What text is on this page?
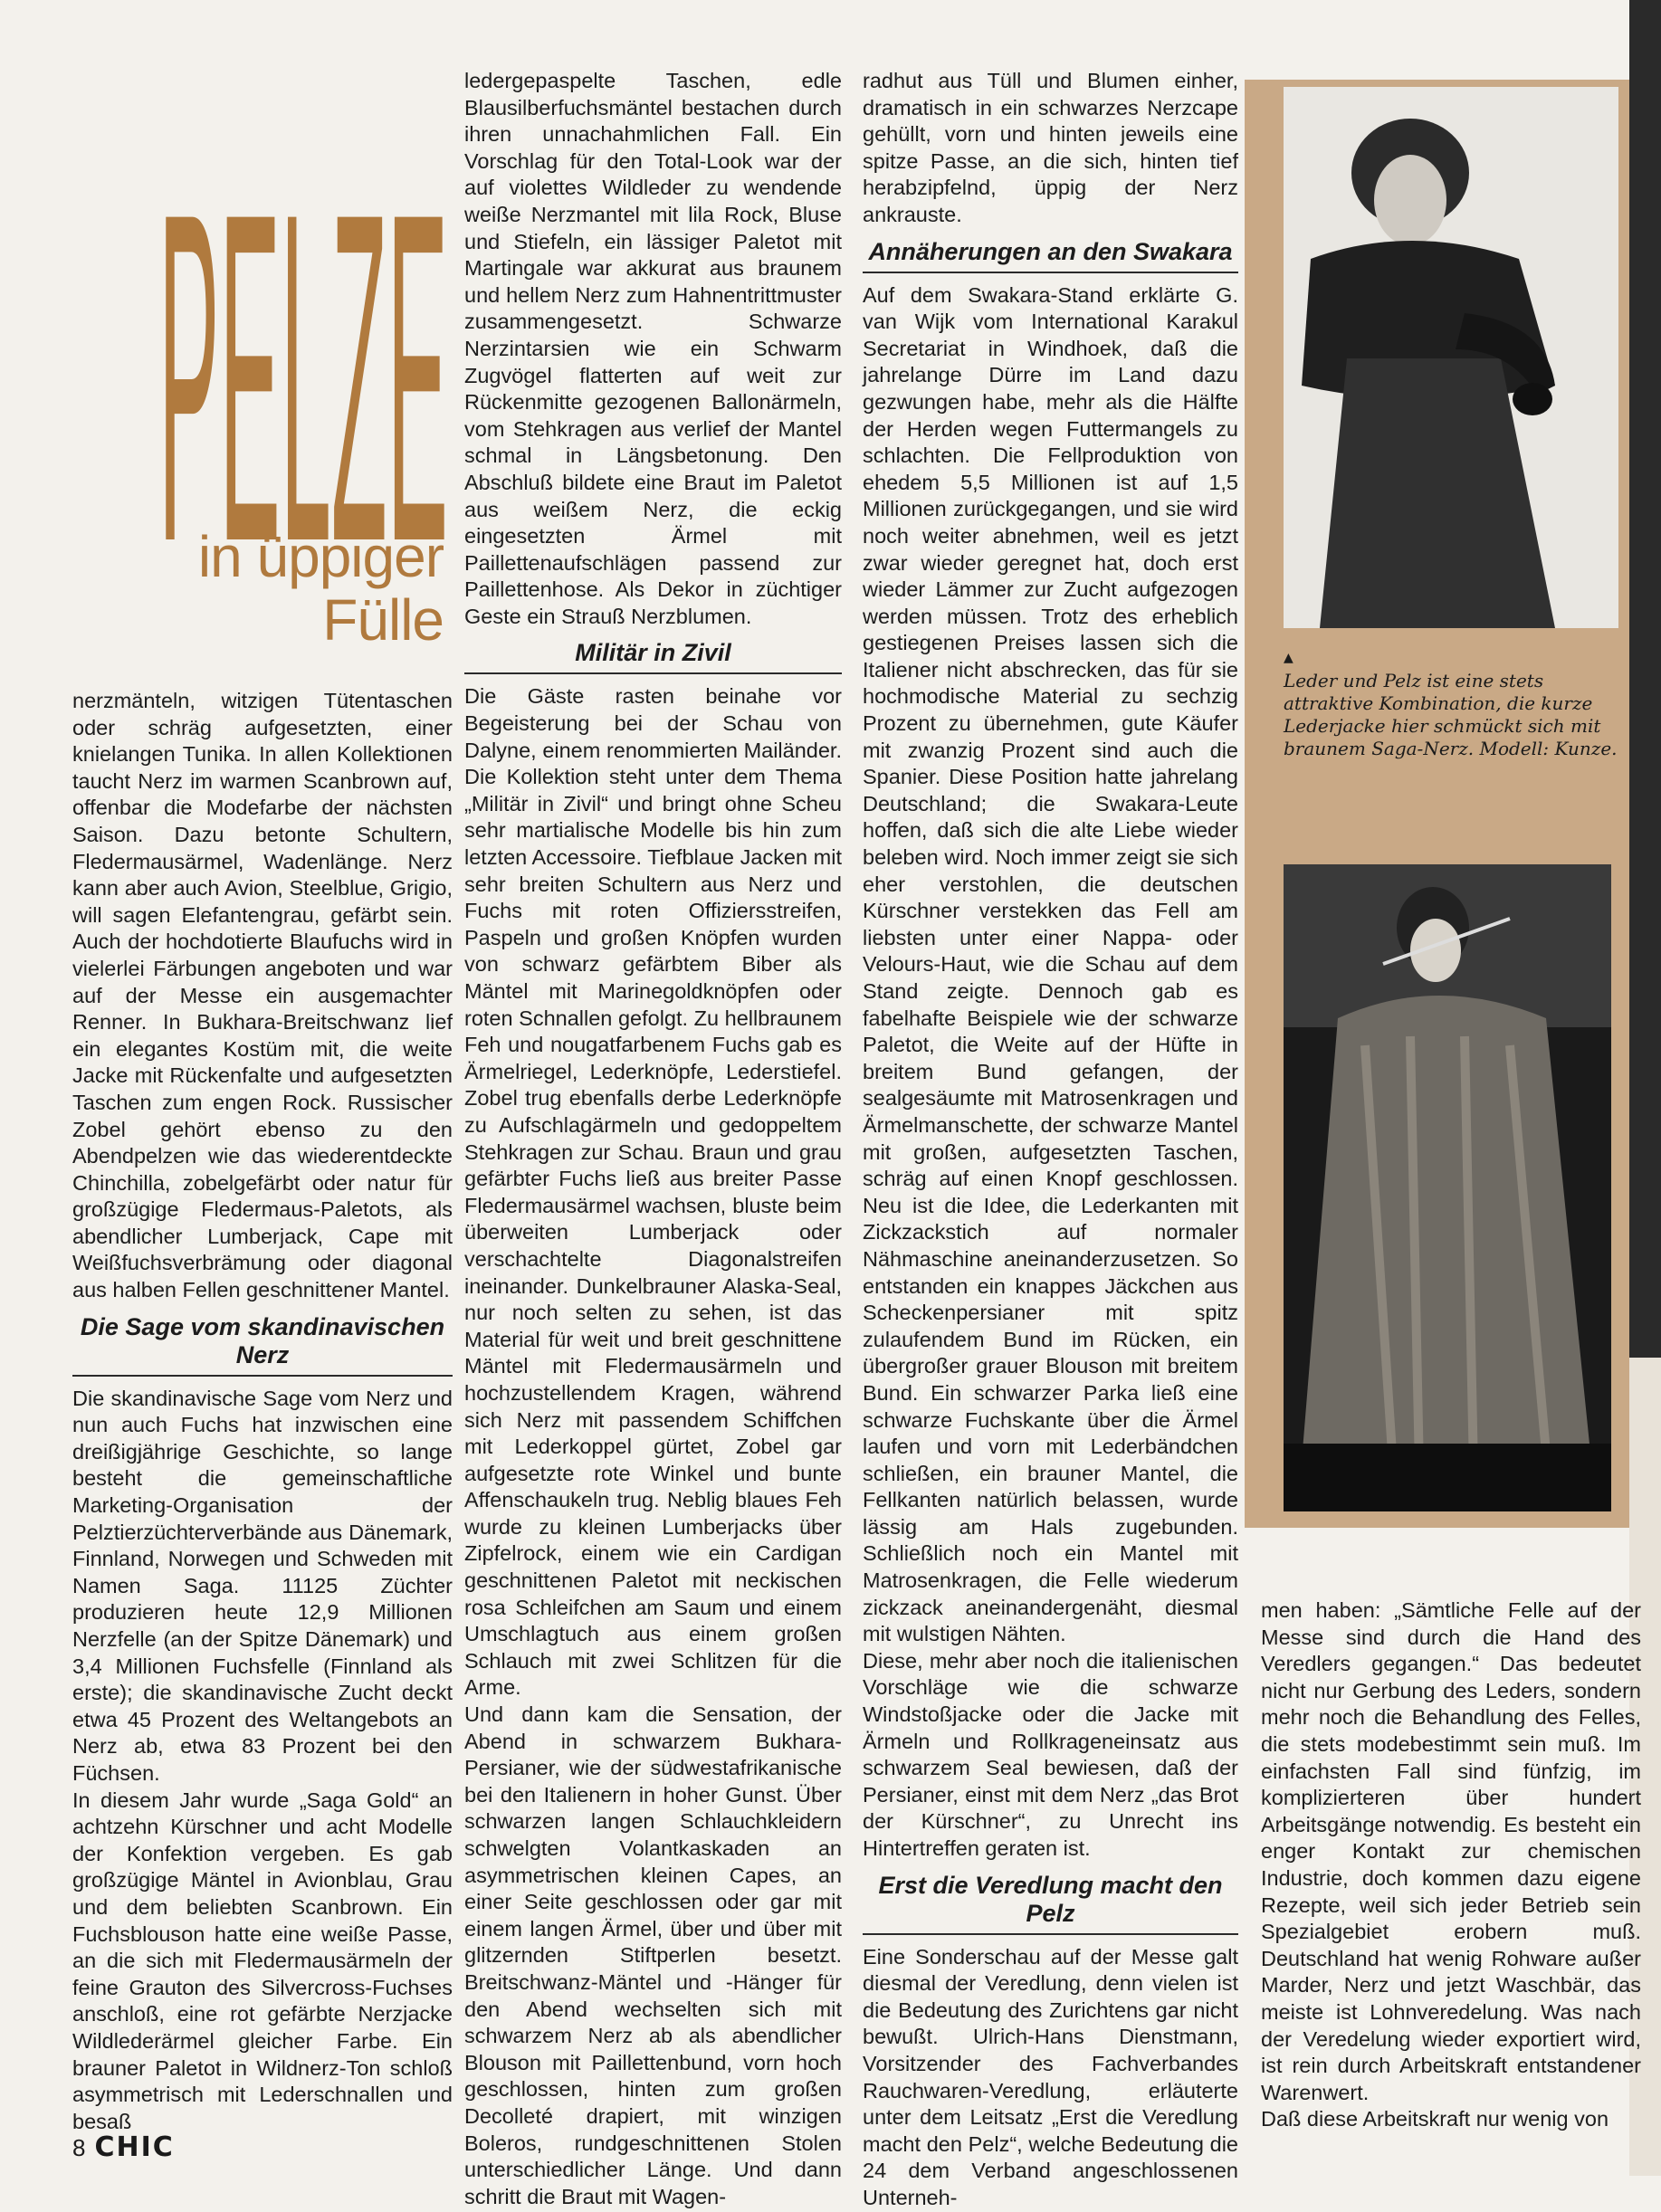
PELZE
in üppiger
Fülle

nerzmänteln, witzigen Tütentaschen oder schräg aufgesetzten, einer knielangen Tunika. In allen Kollektionen taucht Nerz im warmen Scanbrown auf, offenbar die Modefarbe der nächsten Saison. Dazu betonte Schultern, Fledermausärmel, Wadenlänge. Nerz kann aber auch Avion, Steelblue, Grigio, will sagen Elefantengrau, gefärbt sein. Auch der hochdotierte Blaufuchs wird in vielerlei Färbungen angeboten und war auf der Messe ein ausgemachter Renner. In Bukhara-Breitschwanz lief ein elegantes Kostüm mit, die weite Jacke mit Rückenfalte und aufgesetzten Taschen zum engen Rock. Russischer Zobel gehört ebenso zu den Abendpelzen wie das wiederentdeckte Chinchilla, zobelgefärbt oder natur für großzügige Fledermaus-Paletots, als abendlicher Lumberjack, Cape mit Weißfuchsverbrämung oder diagonal aus halben Fellen geschnittener Mantel.

Die Sage vom skandinavischen Nerz

Die skandinavische Sage vom Nerz und nun auch Fuchs hat inzwischen eine dreißigjährige Geschichte, so lange besteht die gemeinschaftliche Marketing-Organisation der Pelztierzüchterverbände aus Dänemark, Finnland, Norwegen und Schweden mit Namen Saga. 11125 Züchter produzieren heute 12,9 Millionen Nerzfelle (an der Spitze Dänemark) und 3,4 Millionen Fuchsfelle (Finnland als erste); die skandinavische Zucht deckt etwa 45 Prozent des Weltangebots an Nerz ab, etwa 83 Prozent bei den Füchsen.

In diesem Jahr wurde „Saga Gold“ an achtzehn Kürschner und acht Modelle der Konfektion vergeben. Es gab großzügige Mäntel in Avionblau, Grau und dem beliebten Scanbrown. Ein Fuchsblouson hatte eine weiße Passe, an die sich mit Fledermausärmeln der feine Grauton des Silvercross-Fuchses anschloß, eine rot gefärbte Nerzjacke Wildlederärmel gleicher Farbe. Ein brauner Paletot in Wildnerz-Ton schloß asymmetrisch mit Lederschnallen und besaß

ledergepaspelte Taschen, edle Blausilberfuchsmäntel bestachen durch ihren unnachahmlichen Fall. Ein Vorschlag für den Total-Look war der auf violettes Wildleder zu wendende weiße Nerzmantel mit lila Rock, Bluse und Stiefeln, ein lässiger Paletot mit Martingale war akkurat aus braunem und hellem Nerz zum Hahnentrittmuster zusammengesetzt. Schwarze Nerzintarsien wie ein Schwarm Zugvögel flatterten auf weit zur Rückenmitte gezogenen Ballonärmeln, vom Stehkragen aus verlief der Mantel schmal in Längsbetonung. Den Abschluß bildete eine Braut im Paletot aus weißem Nerz, die eckig eingesetzten Ärmel mit Paillettenaufschlägen passend zur Paillettenhose. Als Dekor in züchtiger Geste ein Strauß Nerzblumen.

Militär in Zivil

Die Gäste rasten beinahe vor Begeisterung bei der Schau von Dalyne, einem renommierten Mailänder. Die Kollektion steht unter dem Thema „Militär in Zivil“ und bringt ohne Scheu sehr martialische Modelle bis hin zum letzten Accessoire. Tiefblaue Jacken mit sehr breiten Schultern aus Nerz und Fuchs mit roten Offiziersstreifen, Paspeln und großen Knöpfen wurden von schwarz gefärbtem Biber als Mäntel mit Marinegoldknöpfen oder roten Schnallen gefolgt. Zu hellbraunem Feh und nougatfarbenem Fuchs gab es Ärmelriegel, Lederknöpfe, Lederstiefel. Zobel trug ebenfalls derbe Lederknöpfe zu Aufschlagärmeln und gedoppeltem Stehkragen zur Schau. Braun und grau gefärbter Fuchs ließ aus breiter Passe Fledermausärmel wachsen, bluste beim überweiten Lumberjack oder verschachtelte Diagonalstreifen ineinander. Dunkelbrauner Alaska-Seal, nur noch selten zu sehen, ist das Material für weit und breit geschnittene Mäntel mit Fledermausärmeln und hochzustellendem Kragen, während sich Nerz mit passendem Schiffchen mit Lederkoppel gürtet, Zobel gar aufgesetzte rote Winkel und bunte Affenschaukeln trug. Neblig blaues Feh wurde zu kleinen Lumberjacks über Zipfelrock, einem wie ein Cardigan geschnittenen Paletot mit neckischen rosa Schleifchen am Saum und einem Umschlagtuch aus einem großen Schlauch mit zwei Schlitzen für die Arme.

Und dann kam die Sensation, der Abend in schwarzem Bukhara-Persianer, wie der südwestafrikanische bei den Italienern in hoher Gunst. Über schwarzen langen Schlauchkleidern schwelgten Volantkaskaden an asymmetrischen kleinen Capes, an einer Seite geschlossen oder gar mit einem langen Ärmel, über und über mit glitzernden Stiftperlen besetzt. Breitschwanz-Mäntel und -Hänger für den Abend wechselten sich mit schwarzem Nerz ab als abendlicher Blouson mit Paillettenbund, vorn hoch geschlossen, hinten zum großen Decolleté drapiert, mit winzigen Boleros, rundgeschnittenen Stolen unterschiedlicher Länge. Und dann schritt die Braut mit Wagen-

radhut aus Tüll und Blumen einher, dramatisch in ein schwarzes Nerzcape gehüllt, vorn und hinten jeweils eine spitze Passe, an die sich, hinten tief herabzipfelnd, üppig der Nerz ankrauste.

Annäherungen an den Swakara

Auf dem Swakara-Stand erklärte G. van Wijk vom International Karakul Secretariat in Windhoek, daß die jahrelange Dürre im Land dazu gezwungen habe, mehr als die Hälfte der Herden wegen Futtermangels zu schlachten. Die Fellproduktion von ehedem 5,5 Millionen ist auf 1,5 Millionen zurückgegangen, und sie wird noch weiter abnehmen, weil es jetzt zwar wieder geregnet hat, doch erst wieder Lämmer zur Zucht aufgezogen werden müssen. Trotz des erheblich gestiegenen Preises lassen sich die Italiener nicht abschrecken, das für sie hochmodische Material zu sechzig Prozent zu übernehmen, gute Käufer mit zwanzig Prozent sind auch die Spanier. Diese Position hatte jahrelang Deutschland; die Swakara-Leute hoffen, daß sich die alte Liebe wieder beleben wird. Noch immer zeigt sie sich eher verstohlen, die deutschen Kürschner verstekken das Fell am liebsten unter einer Nappa- oder Velours-Haut, wie die Schau auf dem Stand zeigte. Dennoch gab es fabelhafte Beispiele wie der schwarze Paletot, die Weite auf der Hüfte in breitem Bund gefangen, der sealgesäumte mit Matrosenkragen und Ärmelmanschette, der schwarze Mantel mit großen, aufgesetzten Taschen, schräg auf einen Knopf geschlossen. Neu ist die Idee, die Lederkanten mit Zickzackstich auf normaler Nähmaschine aneinanderzusetzen. So entstanden ein knappes Jäckchen aus Scheckenpersianer mit spitz zulaufendem Bund im Rücken, ein übergroßer grauer Blouson mit breitem Bund. Ein schwarzer Parka ließ eine schwarze Fuchskante über die Ärmel laufen und vorn mit Lederbändchen schließen, ein brauner Mantel, die Fellkanten natürlich belassen, wurde lässig am Hals zugebunden. Schließlich noch ein Mantel mit Matrosenkragen, die Felle wiederum zickzack aneinandergenäht, diesmal mit wulstigen Nähten.

Diese, mehr aber noch die italienischen Vorschläge wie die schwarze Windstoßjacke oder die Jacke mit Ärmeln und Rollkrageneinsatz aus schwarzem Seal bewiesen, daß der Persianer, einst mit dem Nerz „das Brot der Kürschner“, zu Unrecht ins Hintertreffen geraten ist.

Erst die Veredlung macht den Pelz

Eine Sonderschau auf der Messe galt diesmal der Veredlung, denn vielen ist die Bedeutung des Zurichtens gar nicht bewußt. Ulrich-Hans Dienstmann, Vorsitzender des Fachverbandes Rauchwaren-Veredlung, erläuterte unter dem Leitsatz „Erst die Veredlung macht den Pelz“, welche Bedeutung die 24 dem Verband angeschlossenen Unterneh-

▲
Leder und Pelz ist eine stets attraktive Kombination, die kurze Lederjacke hier schmückt sich mit braunem Saga-Nerz. Modell: Kunze.

men haben: „Sämtliche Felle auf der Messe sind durch die Hand des Veredlers gegangen.“ Das bedeutet nicht nur Gerbung des Leders, sondern mehr noch die Behandlung des Felles, die stets modebestimmt sein muß. Im einfachsten Fall sind fünfzig, im komplizierteren über hundert Arbeitsgänge notwendig. Es besteht ein enger Kontakt zur chemischen Industrie, doch kommen dazu eigene Rezepte, weil sich jeder Betrieb sein Spezialgebiet erobern muß. Deutschland hat wenig Rohware außer Marder, Nerz und jetzt Waschbär, das meiste ist Lohnveredelung. Was nach der Veredelung wieder exportiert wird, ist rein durch Arbeitskraft entstandener Warenwert.

Daß diese Arbeitskraft nur wenig von

8 CHIC
